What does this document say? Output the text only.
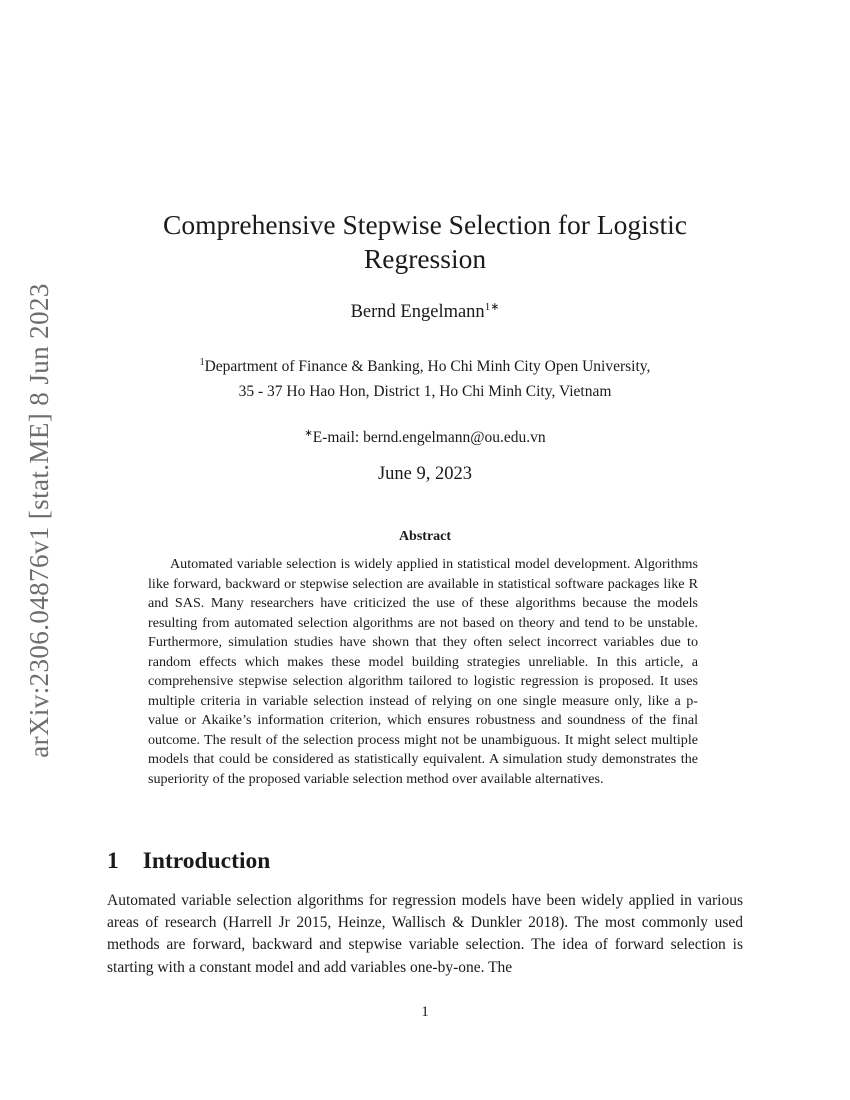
arXiv:2306.04876v1 [stat.ME] 8 Jun 2023
Comprehensive Stepwise Selection for Logistic Regression
Bernd Engelmann$^{1∗}$
$^1$Department of Finance & Banking, Ho Chi Minh City Open University,
35 - 37 Ho Hao Hon, District 1, Ho Chi Minh City, Vietnam
∗E-mail: bernd.engelmann@ou.edu.vn
June 9, 2023
Abstract
Automated variable selection is widely applied in statistical model development. Algorithms like forward, backward or stepwise selection are available in statistical software packages like R and SAS. Many researchers have criticized the use of these algorithms because the models resulting from automated selection algorithms are not based on theory and tend to be unstable. Furthermore, simulation studies have shown that they often select incorrect variables due to random effects which makes these model building strategies unreliable. In this article, a comprehensive stepwise selection algorithm tailored to logistic regression is proposed. It uses multiple criteria in variable selection instead of relying on one single measure only, like a p-value or Akaike’s information criterion, which ensures robustness and soundness of the final outcome. The result of the selection process might not be unambiguous. It might select multiple models that could be considered as statistically equivalent. A simulation study demonstrates the superiority of the proposed variable selection method over available alternatives.
1 Introduction
Automated variable selection algorithms for regression models have been widely applied in various areas of research (Harrell Jr 2015, Heinze, Wallisch & Dunkler 2018). The most commonly used methods are forward, backward and stepwise variable selection. The idea of forward selection is starting with a constant model and add variables one-by-one. The
1
